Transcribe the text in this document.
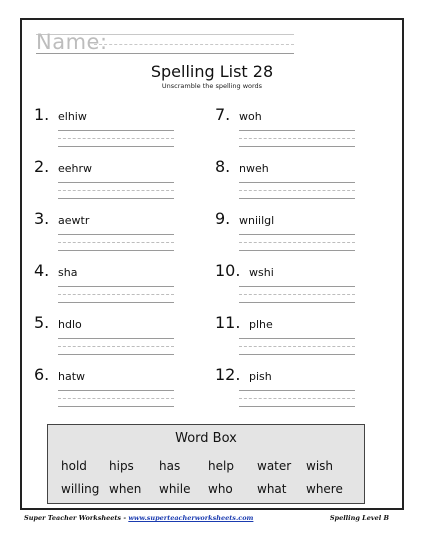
Name:
Spelling List 28
Unscramble the spelling words
1. elhiw
2. eehrw
3. aewtr
4. sha
5. hdlo
6. hatw
7. woh
8. nweh
9. wniilgl
10. wshi
11. plhe
12. pish
Word Box
hold hips has help water wish
willing when while who what where
Super Teacher Worksheets - www.superteacherworksheets.com	Spelling Level B
